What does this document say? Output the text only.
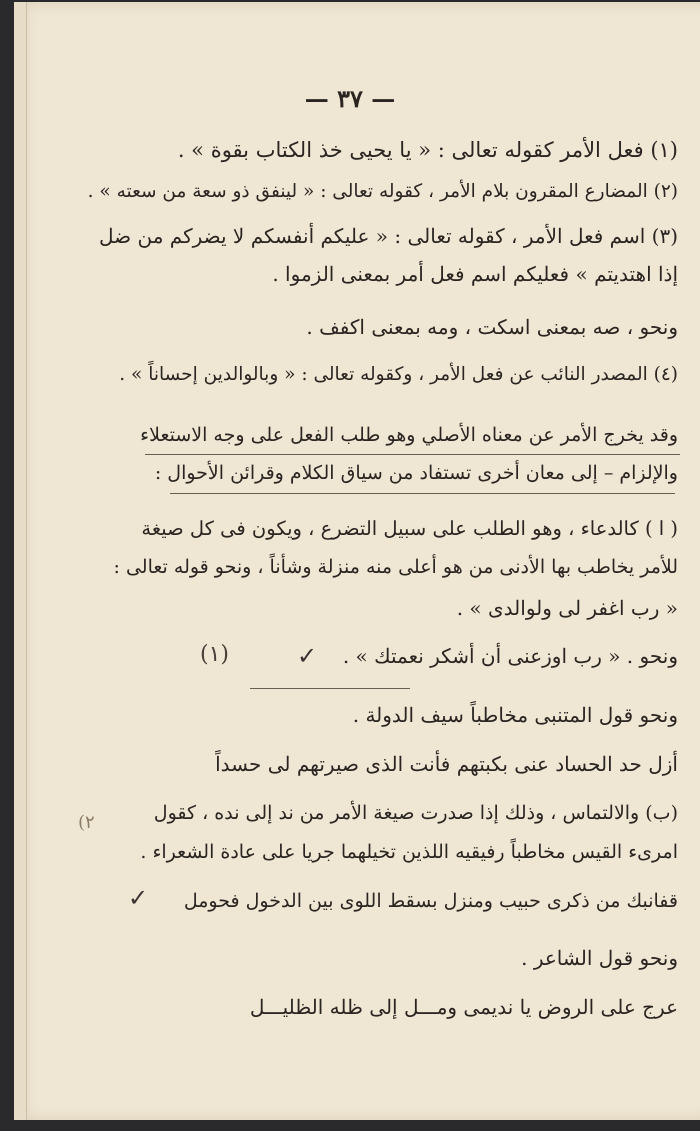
— ٣٧ —
(١) فعل الأمر كقوله تعالى : « يا يحيى خذ الكتاب بقوة » .
(٢) المضارع المقرون بلام الأمر ، كقوله تعالى : « لينفق ذو سعة من سعته » .
(٣) اسم فعل الأمر ، كقوله تعالى : « عليكم أنفسكم لا يضركم من ضل
إذا اهتديتم » فعليكم اسم فعل أمر بمعنى الزموا .
ونحو ، صه بمعنى اسكت ، ومه بمعنى اكفف .
(٤) المصدر النائب عن فعل الأمر ، وكقوله تعالى : « وبالوالدين إحساناً » .
وقد يخرج الأمر عن معناه الأصلي وهو طلب الفعل على وجه الاستعلاء
والإلزام – إلى معان أخرى تستفاد من سياق الكلام وقرائن الأحوال :
( ا ) كالدعاء ، وهو الطلب على سبيل التضرع ، ويكون فى كل صيغة
للأمر يخاطب بها الأدنى من هو أعلى منه منزلة وشأناً ، ونحو قوله تعالى :
« رب اغفر لى ولوالدى » .
ونحو . « رب اوزعنى أن أشكر نعمتك » .
(١)	✓
ونحو قول المتنبى مخاطباً سيف الدولة .
أزل حد الحساد عنى بكبتهم فأنت الذى صيرتهم لى حسداً
(٢	(ب) والالتماس ، وذلك إذا صدرت صيغة الأمر من ند إلى نده ، كقول
امرىء القيس مخاطباً رفيقيه اللذين تخيلهما جريا على عادة الشعراء .
قفانبك من ذكرى حبيب ومنزل بسقط اللوى بين الدخول فحومل
✓
ونحو قول الشاعر .
عرج على الروض يا نديمى ومـــل إلى ظله الظليـــل
